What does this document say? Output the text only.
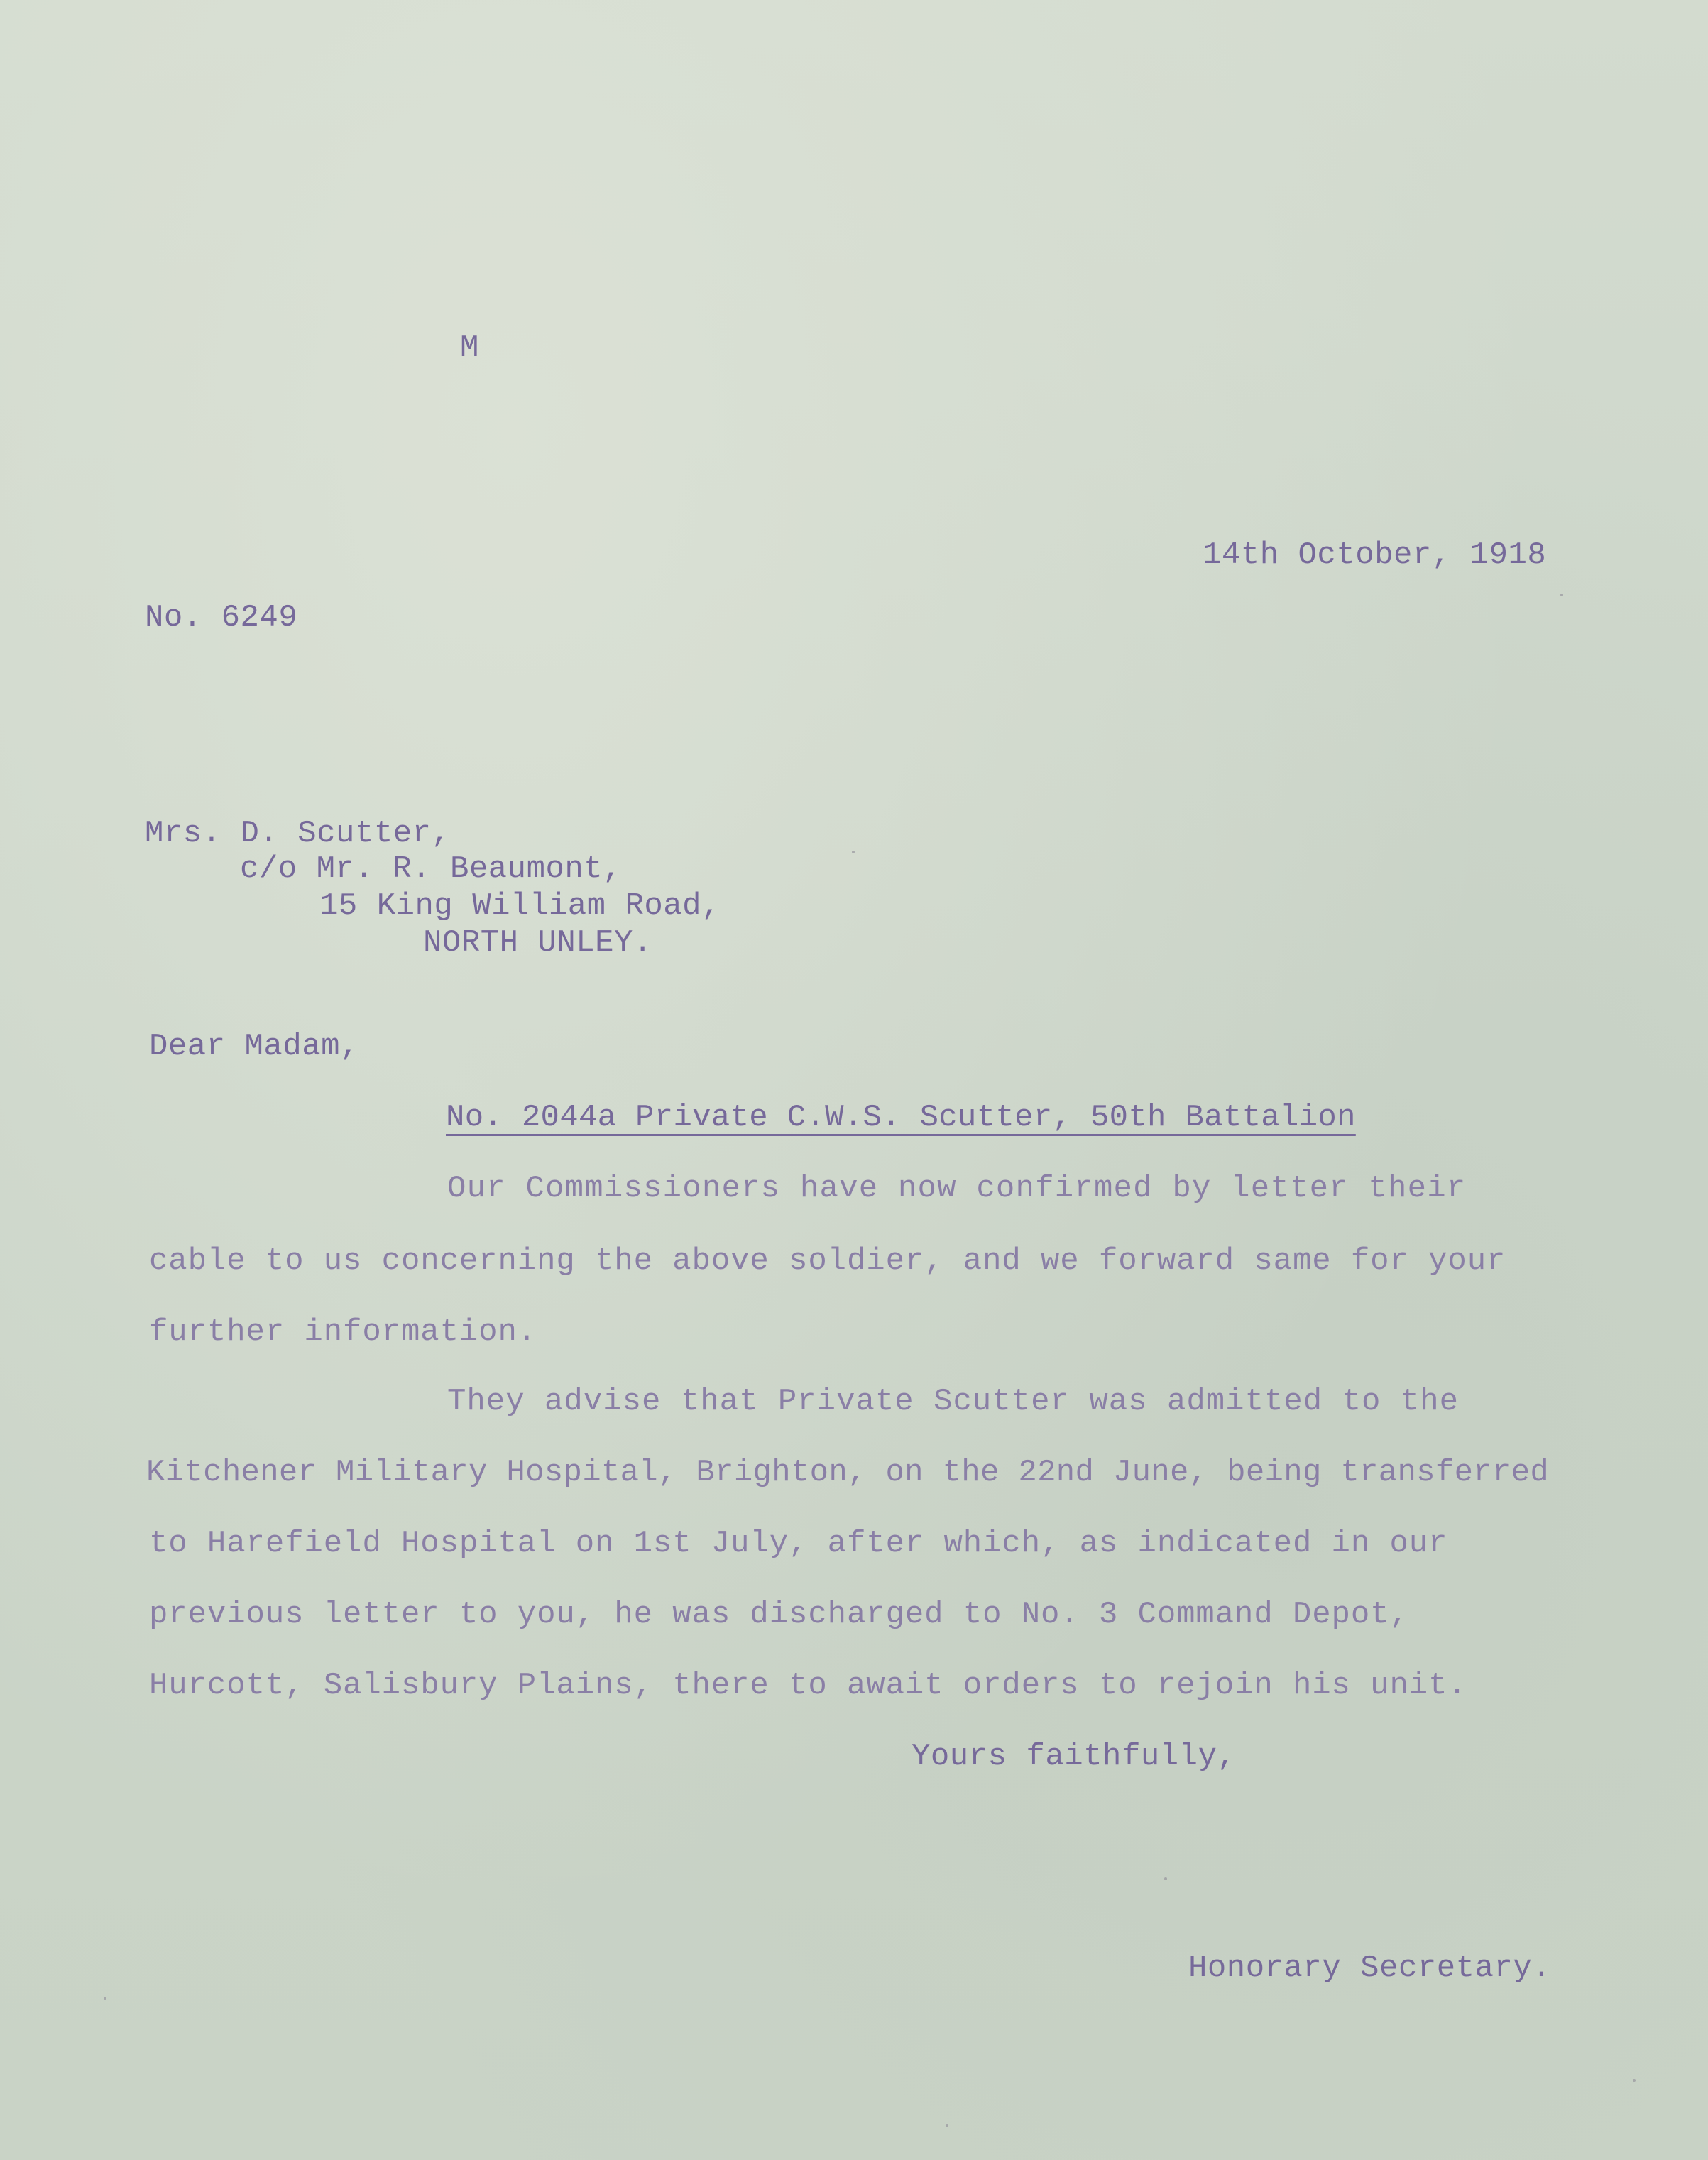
M
14th October, 1918
No. 6249
Mrs. D. Scutter,
c/o Mr. R. Beaumont,
15 King William Road,
NORTH UNLEY.
Dear Madam,
No. 2044a Private C.W.S. Scutter, 50th Battalion
Our Commissioners have now confirmed by letter their
cable to us concerning the above soldier, and we forward same for your
further information.
They advise that Private Scutter was admitted to the
Kitchener Military Hospital, Brighton, on the 22nd June, being transferred
to Harefield Hospital on 1st July, after which, as indicated in our
previous letter to you, he was discharged to No. 3 Command Depot,
Hurcott, Salisbury Plains, there to await orders to rejoin his unit.
Yours faithfully,
Honorary Secretary.
